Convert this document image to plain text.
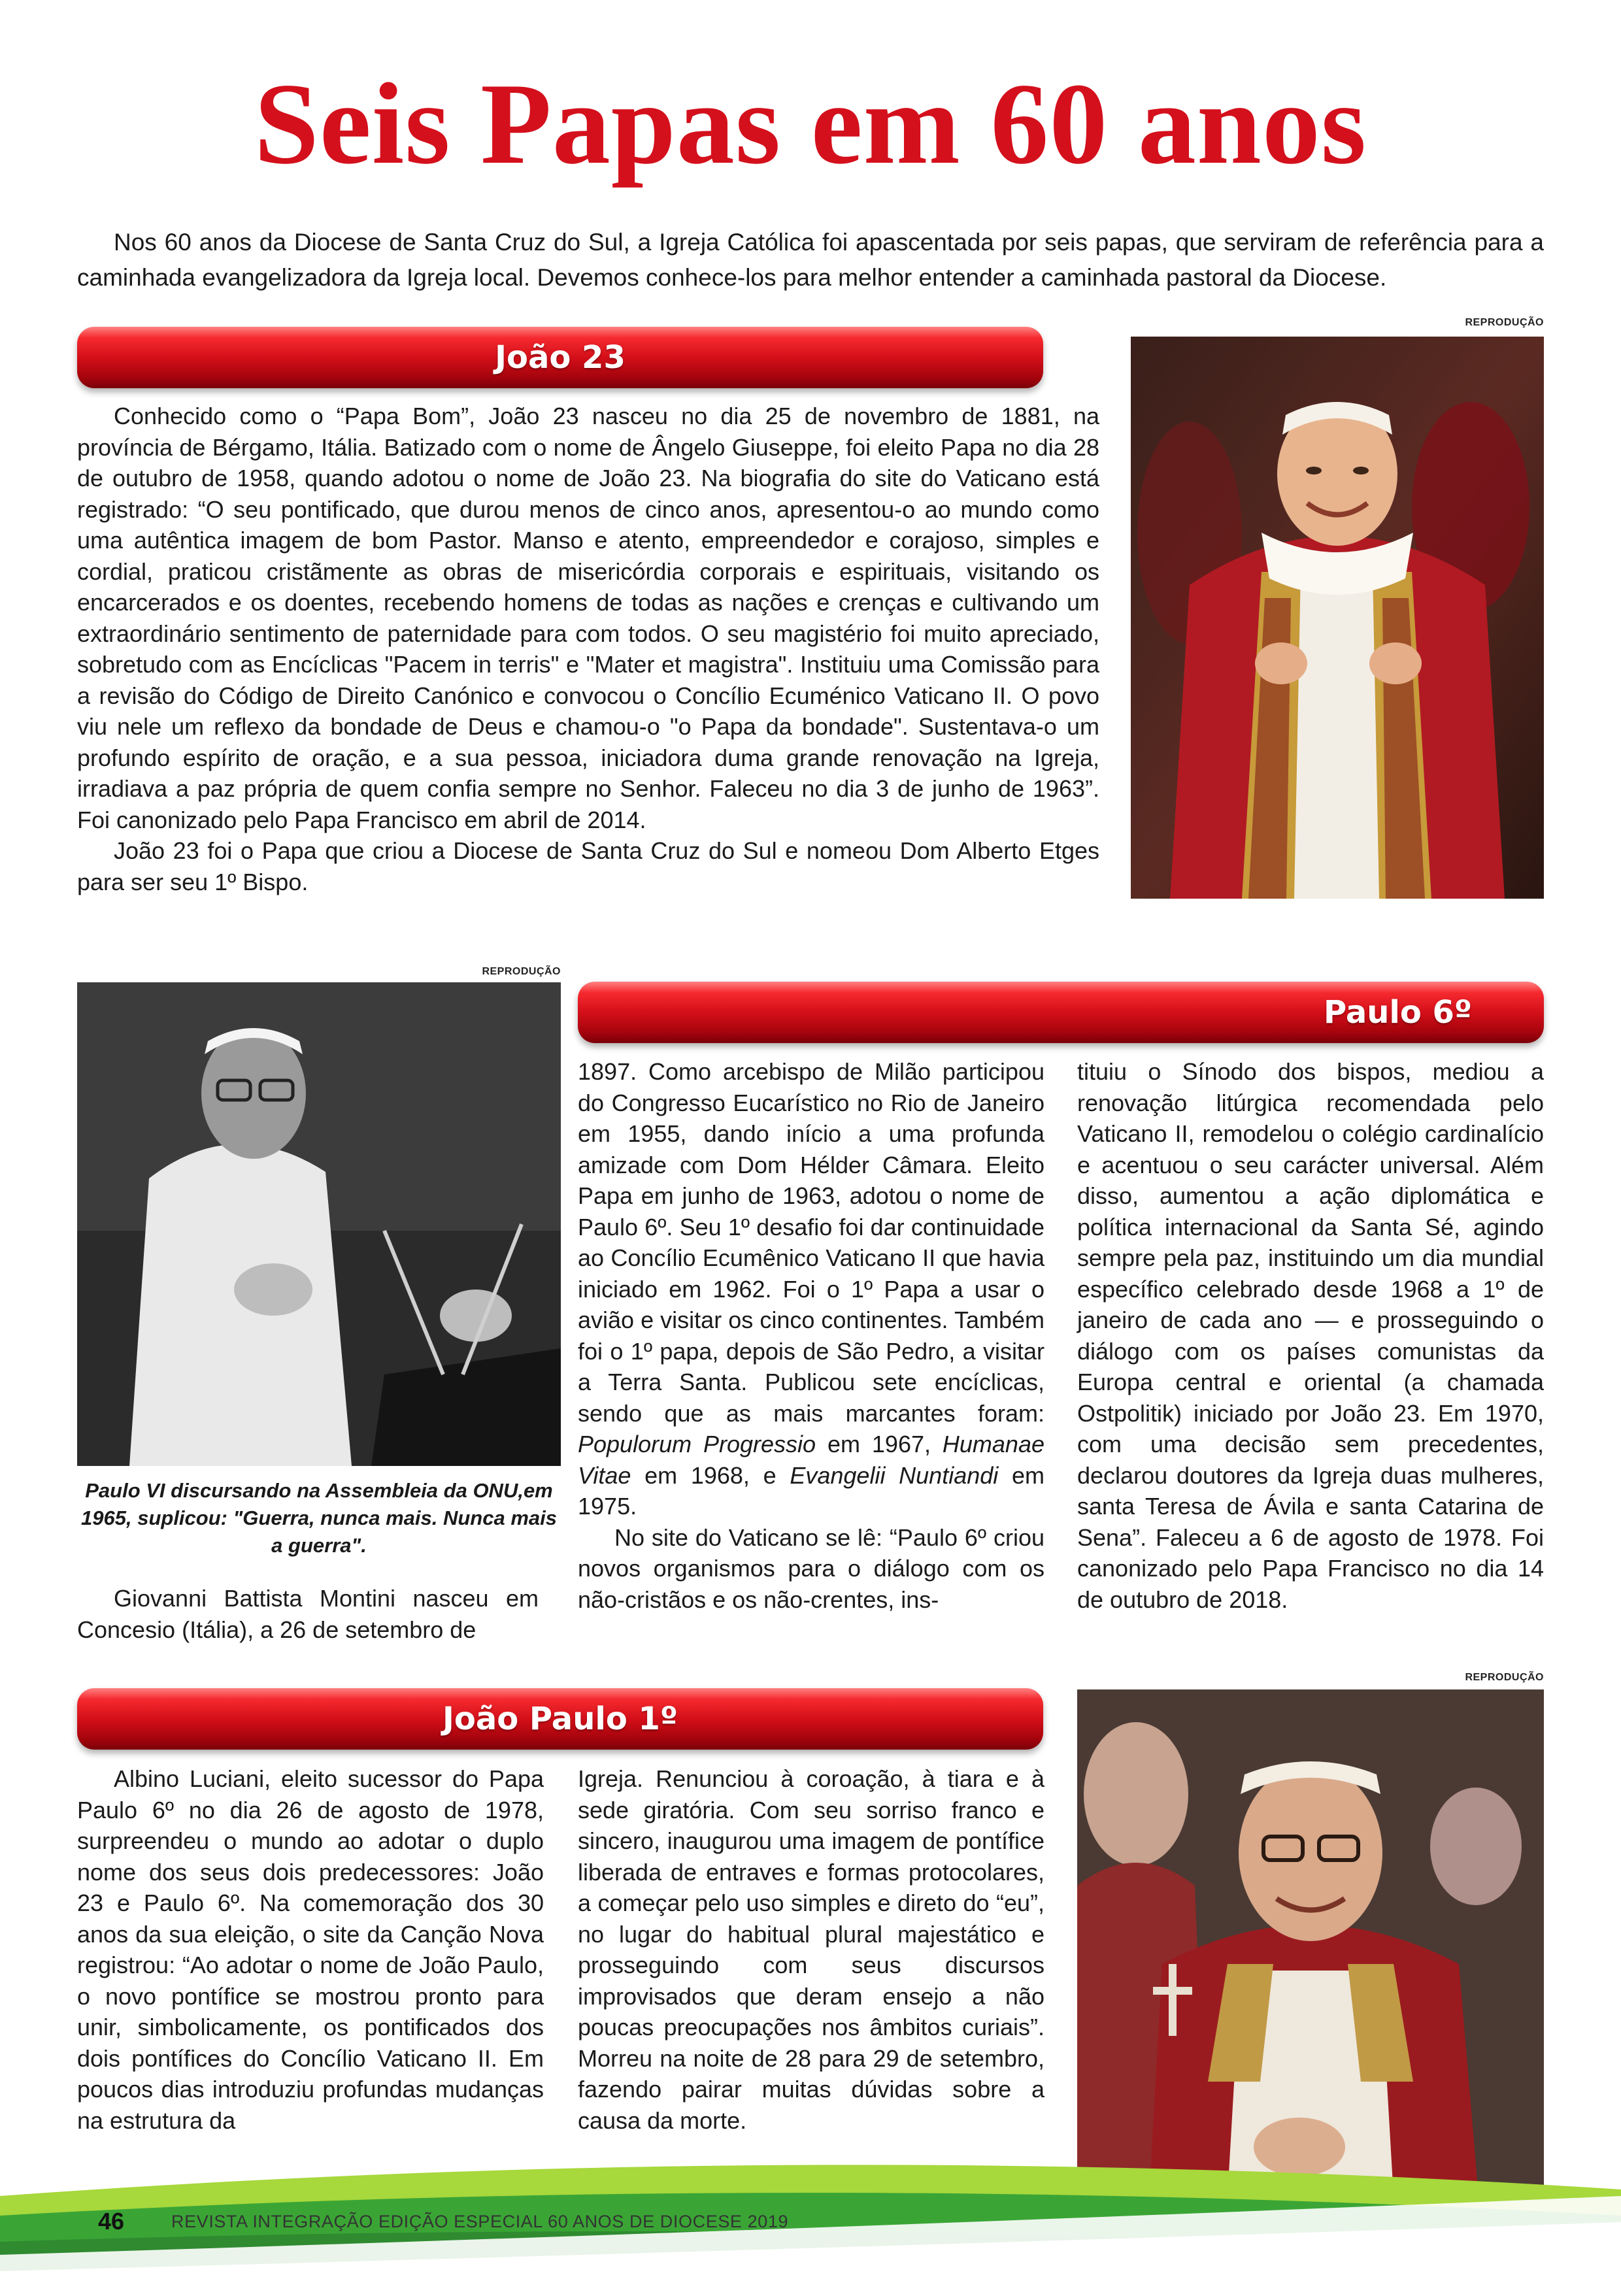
Seis Papas em 60 anos

Nos 60 anos da Diocese de Santa Cruz do Sul, a Igreja Católica foi apascentada por seis papas, que serviram de referência para a caminhada evangelizadora da Igreja local. Devemos conhece-los para melhor entender a caminhada pastoral da Diocese.

João 23

Conhecido como o “Papa Bom”, João 23 nasceu no dia 25 de novembro de 1881, na província de Bérgamo, Itália. Batizado com o nome de Ângelo Giuseppe, foi eleito Papa no dia 28 de outubro de 1958, quando adotou o nome de João 23. Na biografia do site do Vaticano está registrado: “O seu pontificado, que durou menos de cinco anos, apresentou-o ao mundo como uma autêntica imagem de bom Pastor. Manso e atento, empreendedor e corajoso, simples e cordial, praticou cristãmente as obras de misericórdia corporais e espirituais, visitando os encarcerados e os doentes, recebendo homens de todas as nações e crenças e cultivando um extraordinário sentimento de paternidade para com todos. O seu magistério foi muito apreciado, sobretudo com as Encíclicas "Pacem in terris" e "Mater et magistra". Instituiu uma Comissão para a revisão do Código de Direito Canónico e convocou o Concílio Ecuménico Vaticano II. O povo viu nele um reflexo da bondade de Deus e chamou-o "o Papa da bondade". Sustentava-o um profundo espírito de oração, e a sua pessoa, iniciadora duma grande renovação na Igreja, irradiava a paz própria de quem confia sempre no Senhor. Faleceu no dia 3 de junho de 1963”. Foi canonizado pelo Papa Francisco em abril de 2014.

João 23 foi o Papa que criou a Diocese de Santa Cruz do Sul e nomeou Dom Alberto Etges para ser seu 1º Bispo.

REPRODUÇÃO
REPRODUÇÃO
Paulo VI discursando na Assembleia da ONU,em 1965, suplicou: "Guerra, nunca mais. Nunca mais a guerra".

Giovanni Battista Montini nasceu em Concesio (Itália), a 26 de setembro de

Paulo 6º

1897. Como arcebispo de Milão participou do Congresso Eucarístico no Rio de Janeiro em 1955, dando início a uma profunda amizade com Dom Hélder Câmara. Eleito Papa em junho de 1963, adotou o nome de Paulo 6º. Seu 1º desafio foi dar continuidade ao Concílio Ecumênico Vaticano II que havia iniciado em 1962. Foi o 1º Papa a usar o avião e visitar os cinco continentes. Também foi o 1º papa, depois de São Pedro, a visitar a Terra Santa. Publicou sete encíclicas, sendo que as mais marcantes foram: Populorum Progressio em 1967, Humanae Vitae em 1968, e Evangelii Nuntiandi em 1975.

No site do Vaticano se lê: “Paulo 6º criou novos organismos para o diálogo com os não-cristãos e os não-crentes, ins-

tituiu o Sínodo dos bispos, mediou a renovação litúrgica recomendada pelo Vaticano II, remodelou o colégio cardinalício e acentuou o seu carácter universal. Além disso, aumentou a ação diplomática e política internacional da Santa Sé, agindo sempre pela paz, instituindo um dia mundial específico celebrado desde 1968 a 1º de janeiro de cada ano — e prosseguindo o diálogo com os países comunistas da Europa central e oriental (a chamada Ostpolitik) iniciado por João 23. Em 1970, com uma decisão sem precedentes, declarou doutores da Igreja duas mulheres, santa Teresa de Ávila e santa Catarina de Sena”. Faleceu a 6 de agosto de 1978. Foi canonizado pelo Papa Francisco no dia 14 de outubro de 2018.

João Paulo 1º

Albino Luciani, eleito sucessor do Papa Paulo 6º no dia 26 de agosto de 1978, surpreendeu o mundo ao adotar o duplo nome dos seus dois predecessores: João 23 e Paulo 6º. Na comemoração dos 30 anos da sua eleição, o site da Canção Nova registrou: “Ao adotar o nome de João Paulo, o novo pontífice se mostrou pronto para unir, simbolicamente, os pontificados dos dois pontífices do Concílio Vaticano II. Em poucos dias introduziu profundas mudanças na estrutura da

Igreja. Renunciou à coroação, à tiara e à sede giratória. Com seu sorriso franco e sincero, inaugurou uma imagem de pontífice liberada de entraves e formas protocolares, a começar pelo uso simples e direto do “eu”, no lugar do habitual plural majestático e prosseguindo com seus discursos improvisados que deram ensejo a não poucas preocupações nos âmbitos curiais”. Morreu na noite de 28 para 29 de setembro, fazendo pairar muitas dúvidas sobre a causa da morte.

REPRODUÇÃO
46	REVISTA INTEGRAÇÃO EDIÇÃO ESPECIAL 60 ANOS DE DIOCESE 2019
